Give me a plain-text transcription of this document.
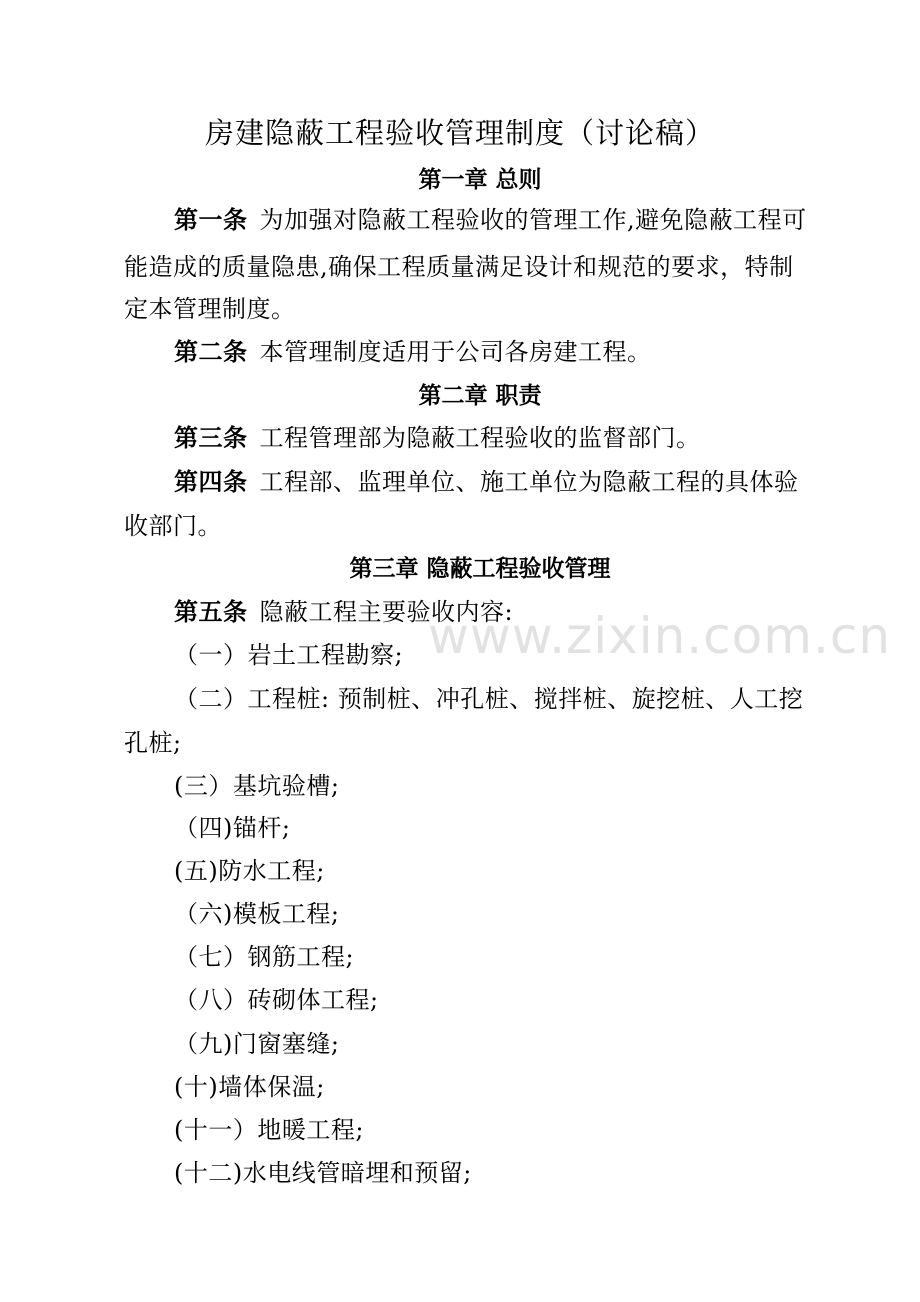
www.zixin.com.cn
房建隐蔽工程验收管理制度（讨论稿）
第一章 总则
第一条 为加强对隐蔽工程验收的管理工作,避免隐蔽工程可
能造成的质量隐患,确保工程质量满足设计和规范的要求，特制
定本管理制度。
第二条 本管理制度适用于公司各房建工程。
第二章 职责
第三条 工程管理部为隐蔽工程验收的监督部门。
第四条 工程部、监理单位、施工单位为隐蔽工程的具体验
收部门。
第三章 隐蔽工程验收管理
第五条 隐蔽工程主要验收内容:
（一）岩土工程勘察;
（二）工程桩: 预制桩、冲孔桩、搅拌桩、旋挖桩、人工挖
孔桩;
(三）基坑验槽;
（四)锚杆;
(五)防水工程;
（六)模板工程;
（七）钢筋工程;
（八）砖砌体工程;
（九)门窗塞缝;
(十)墙体保温;
(十一）地暖工程;
(十二)水电线管暗埋和预留;
